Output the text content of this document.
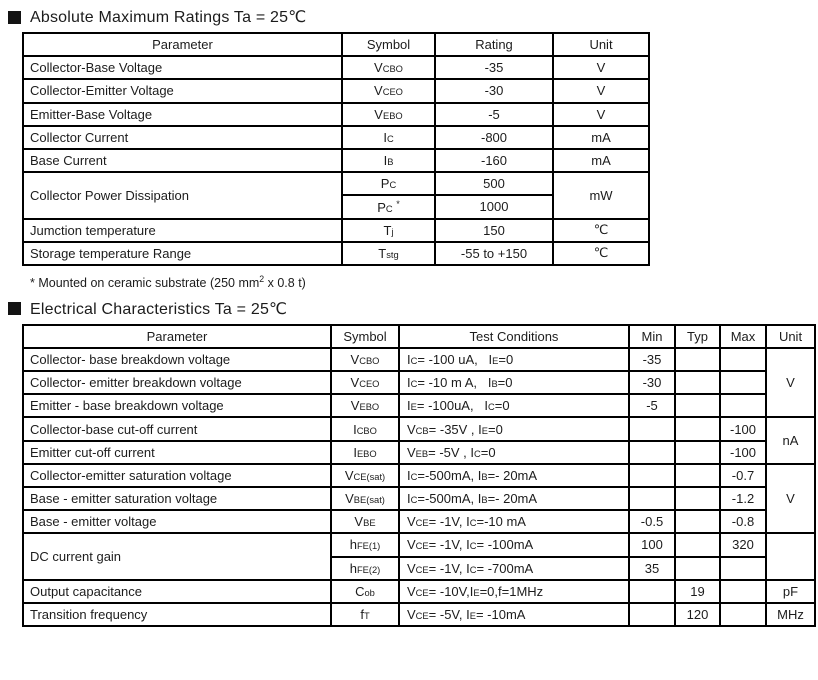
Absolute Maximum Ratings Ta = 25℃
Parameter	Symbol	Rating	Unit
Collector-Base Voltage	VCBO	-35	V
Collector-Emitter Voltage	VCEO	-30	V
Emitter-Base Voltage	VEBO	-5	V
Collector Current	IC	-800	mA
Base Current	IB	-160	mA
Collector Power Dissipation	PC	500	mW
	PC *	1000	
Jumction temperature	Tj	150	℃
Storage temperature Range	Tstg	-55 to +150	℃
* Mounted on ceramic substrate (250 $mm^2$ x 0.8 t)
Electrical Characteristics Ta = 25℃
Parameter	Symbol	Test Conditions	Min	Typ	Max	Unit
Collector- base breakdown voltage	VCBO	IC= -100 uA,   IE=0	-35			V
Collector- emitter breakdown voltage	VCEO	IC= -10 m A,   IB=0	-30			
Emitter - base breakdown voltage	VEBO	IE= -100uA,   IC=0	-5			
Collector-base cut-off current	ICBO	VCB= -35V , IE=0			-100	nA
Emitter cut-off current	IEBO	VEB= -5V , IC=0			-100	
Collector-emitter saturation voltage	VCE(sat)	IC=-500mA, IB=- 20mA			-0.7	V
Base - emitter saturation voltage	VBE(sat)	IC=-500mA, IB=- 20mA			-1.2	
Base - emitter voltage	VBE	VCE= -1V, IC=-10 mA	-0.5		-0.8	
DC current gain	hFE(1)	VCE= -1V, IC= -100mA	100		320	
	hFE(2)	VCE= -1V, IC= -700mA	35			
Output capacitance	Cob	VCE= -10V,IE=0,f=1MHz		19		pF
Transition frequency	fT	VCE= -5V, IE= -10mA		120		MHz
